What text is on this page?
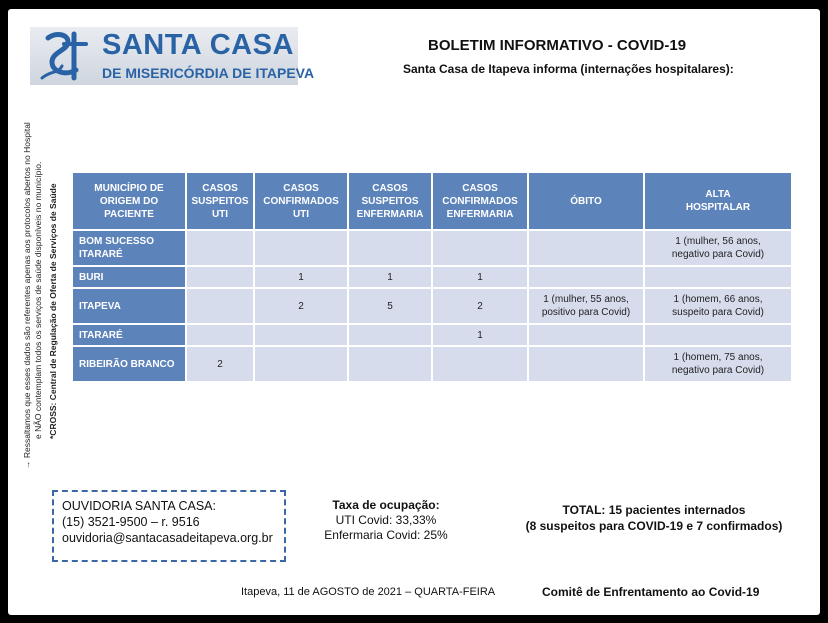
SANTA CASA
DE MISERICÓRDIA DE ITAPEVA
BOLETIM INFORMATIVO - COVID-19
Santa Casa de Itapeva informa (internações hospitalares):
→ Ressaltamos que esses dados são referentes apenas aos protocolos abertos no Hospital e NÃO contemplam todos os serviços de saúde disponíveis no município. *CROSS: Central de Regulação de Oferta de Serviços de Saúde	MUNICÍPIO DE
ORIGEM DO
PACIENTE	CASOS
SUSPEITOS
UTI	CASOS
CONFIRMADOS
UTI	CASOS
SUSPEITOS
ENFERMARIA	CASOS
CONFIRMADOS
ENFERMARIA	ÓBITO	ALTA
HOSPITALAR
BOM SUCESSO
ITARARÉ						1 (mulher, 56 anos,
negativo para Covid)
BURI		1	1	1		
ITAPEVA		2	5	2	1 (mulher, 55 anos,
positivo para Covid)	1 (homem, 66 anos,
suspeito para Covid)
ITARARÉ				1		
RIBEIRÃO BRANCO	2					1 (homem, 75 anos,
negativo para Covid)
OUVIDORIA SANTA CASA:
(15) 3521-9500 – r. 9516
ouvidoria@santacasadeitapeva.org.br
Taxa de ocupação:
UTI Covid: 33,33%
Enfermaria Covid: 25%
TOTAL: 15 pacientes internados
(8 suspeitos para COVID-19 e 7 confirmados)
Itapeva, 11 de AGOSTO de 2021 – QUARTA-FEIRA	Comitê de Enfrentamento ao Covid-19
